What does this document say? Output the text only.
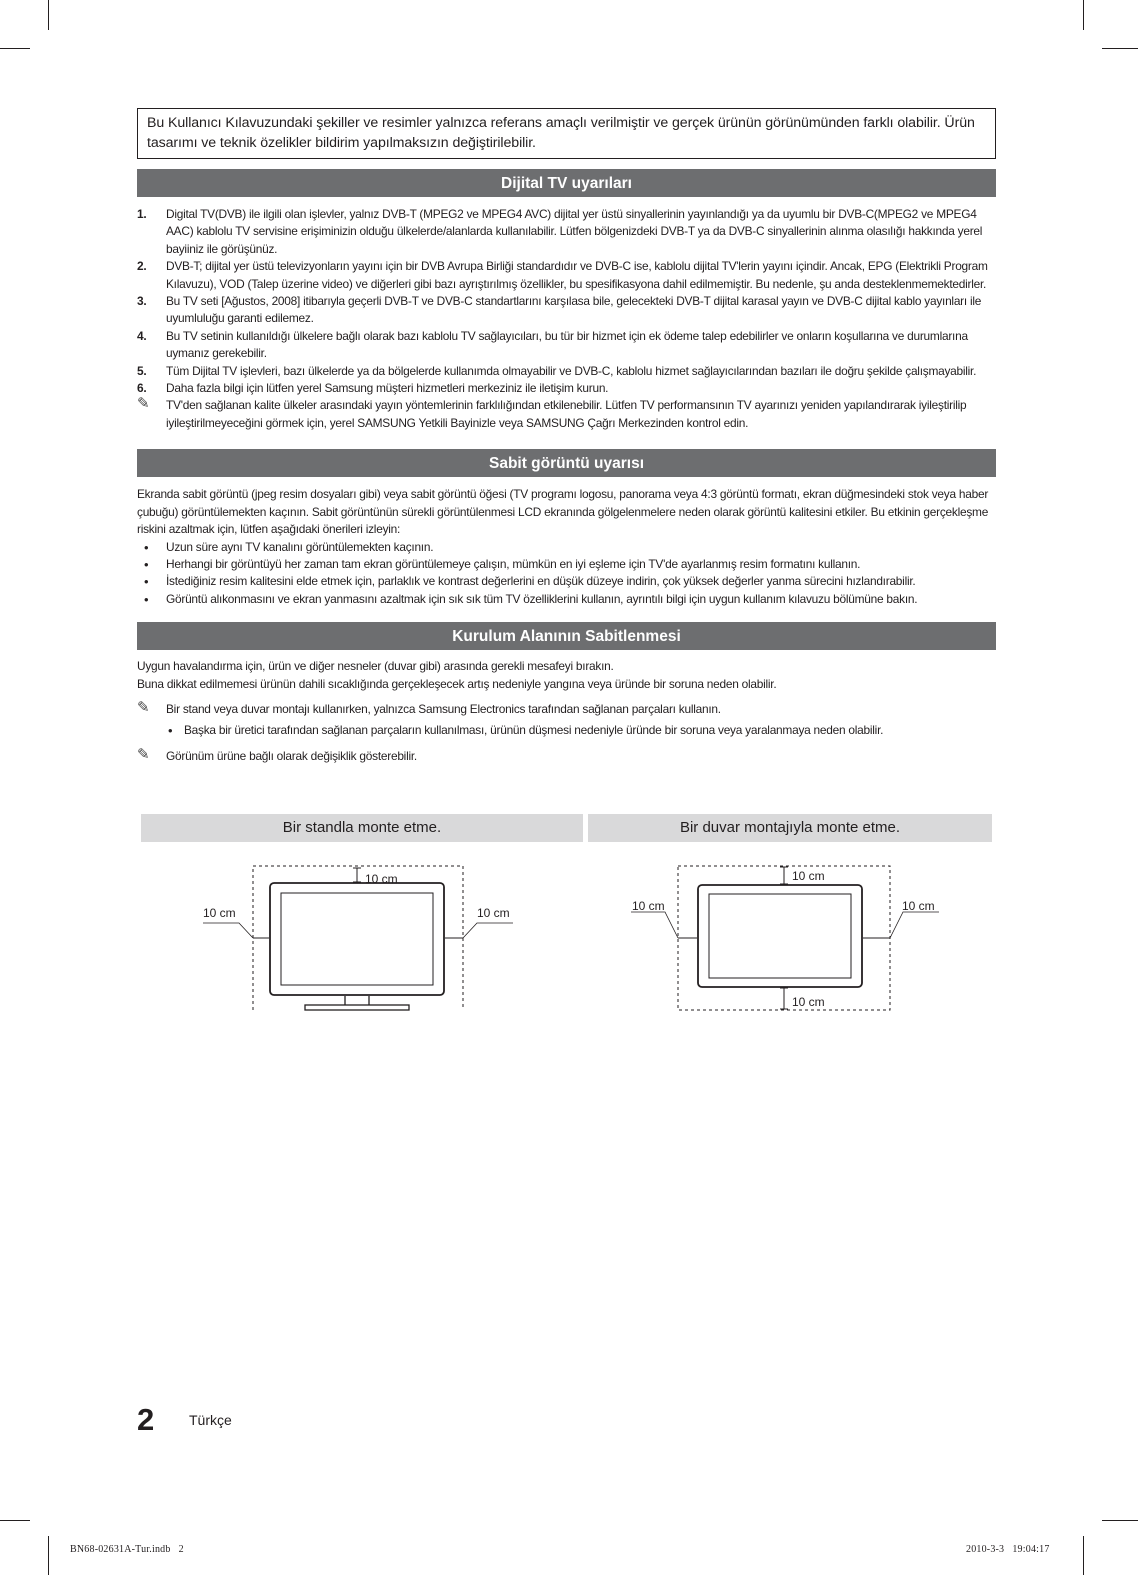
Bu Kullanıcı Kılavuzundaki şekiller ve resimler yalnızca referans amaçlı verilmiştir ve gerçek ürünün görünümünden farklı olabilir. Ürün tasarımı ve teknik özelikler bildirim yapılmaksızın değiştirilebilir.
Dijital TV uyarıları
1. Digital TV(DVB) ile ilgili olan işlevler, yalnız DVB-T (MPEG2 ve MPEG4 AVC) dijital yer üstü sinyallerinin yayınlandığı ya da uyumlu bir DVB-C(MPEG2 ve MPEG4 AAC) kablolu TV servisine erişiminizin olduğu ülkelerde/alanlarda kullanılabilir. Lütfen bölgenizdeki DVB-T ya da DVB-C sinyallerinin alınma olasılığı hakkında yerel bayiiniz ile görüşünüz.
2. DVB-T; dijital yer üstü televizyonların yayını için bir DVB Avrupa Birliği standardıdır ve DVB-C ise, kablolu dijital TV'lerin yayını içindir. Ancak, EPG (Elektrikli Program Kılavuzu), VOD (Talep üzerine video) ve diğerleri gibi bazı ayrıştırılmış özellikler, bu spesifikasyona dahil edilmemiştir. Bu nedenle, şu anda desteklenmemektedirler.
3. Bu TV seti [Ağustos, 2008] itibarıyla geçerli DVB-T ve DVB-C standartlarını karşılasa bile, gelecekteki DVB-T dijital karasal yayın ve DVB-C dijital kablo yayınları ile uyumluluğu garanti edilemez.
4. Bu TV setinin kullanıldığı ülkelere bağlı olarak bazı kablolu TV sağlayıcıları, bu tür bir hizmet için ek ödeme talep edebilirler ve onların koşullarına ve durumlarına uymanız gerekebilir.
5. Tüm Dijital TV işlevleri, bazı ülkelerde ya da bölgelerde kullanımda olmayabilir ve DVB-C, kablolu hizmet sağlayıcılarından bazıları ile doğru şekilde çalışmayabilir.
6. Daha fazla bilgi için lütfen yerel Samsung müşteri hizmetleri merkeziniz ile iletişim kurun.
✎ TV'den sağlanan kalite ülkeler arasındaki yayın yöntemlerinin farklılığından etkilenebilir. Lütfen TV performansının TV ayarınızı yeniden yapılandırarak iyileştirilip iyileştirilmeyeceğini görmek için, yerel SAMSUNG Yetkili Bayinizle veya SAMSUNG Çağrı Merkezinden kontrol edin.
Sabit görüntü uyarısı
Ekranda sabit görüntü (jpeg resim dosyaları gibi) veya sabit görüntü öğesi (TV programı logosu, panorama veya 4:3 görüntü formatı, ekran düğmesindeki stok veya haber çubuğu) görüntülemekten kaçının. Sabit görüntünün sürekli görüntülenmesi LCD ekranında gölgelenmelere neden olarak görüntü kalitesini etkiler. Bu etkinin gerçekleşme riskini azaltmak için, lütfen aşağıdaki önerileri izleyin:
• Uzun süre aynı TV kanalını görüntülemekten kaçının.
• Herhangi bir görüntüyü her zaman tam ekran görüntülemeye çalışın, mümkün en iyi eşleme için TV'de ayarlanmış resim formatını kullanın.
• İstediğiniz resim kalitesini elde etmek için, parlaklık ve kontrast değerlerini en düşük düzeye indirin, çok yüksek değerler yanma sürecini hızlandırabilir.
• Görüntü alıkonmasını ve ekran yanmasını azaltmak için sık sık tüm TV özelliklerini kullanın, ayrıntılı bilgi için uygun kullanım kılavuzu bölümüne bakın.
Kurulum Alanının Sabitlenmesi
Uygun havalandırma için, ürün ve diğer nesneler (duvar gibi) arasında gerekli mesafeyi bırakın.
Buna dikkat edilmemesi ürünün dahili sıcaklığında gerçekleşecek artış nedeniyle yangına veya üründe bir soruna neden olabilir.
✎ Bir stand veya duvar montajı kullanırken, yalnızca Samsung Electronics tarafından sağlanan parçaları kullanın.
• Başka bir üretici tarafından sağlanan parçaların kullanılması, ürünün düşmesi nedeniyle üründe bir soruna veya yaralanmaya neden olabilir.
✎ Görünüm ürüne bağlı olarak değişiklik gösterebilir.
Bir standla monte etme.	Bir duvar montajıyla monte etme.
10 cm
10 cm	10 cm
10 cm
10 cm
10 cm	10 cm
2 Türkçe
BN68-02631A-Tur.indb   2	2010-3-3   19:04:17
